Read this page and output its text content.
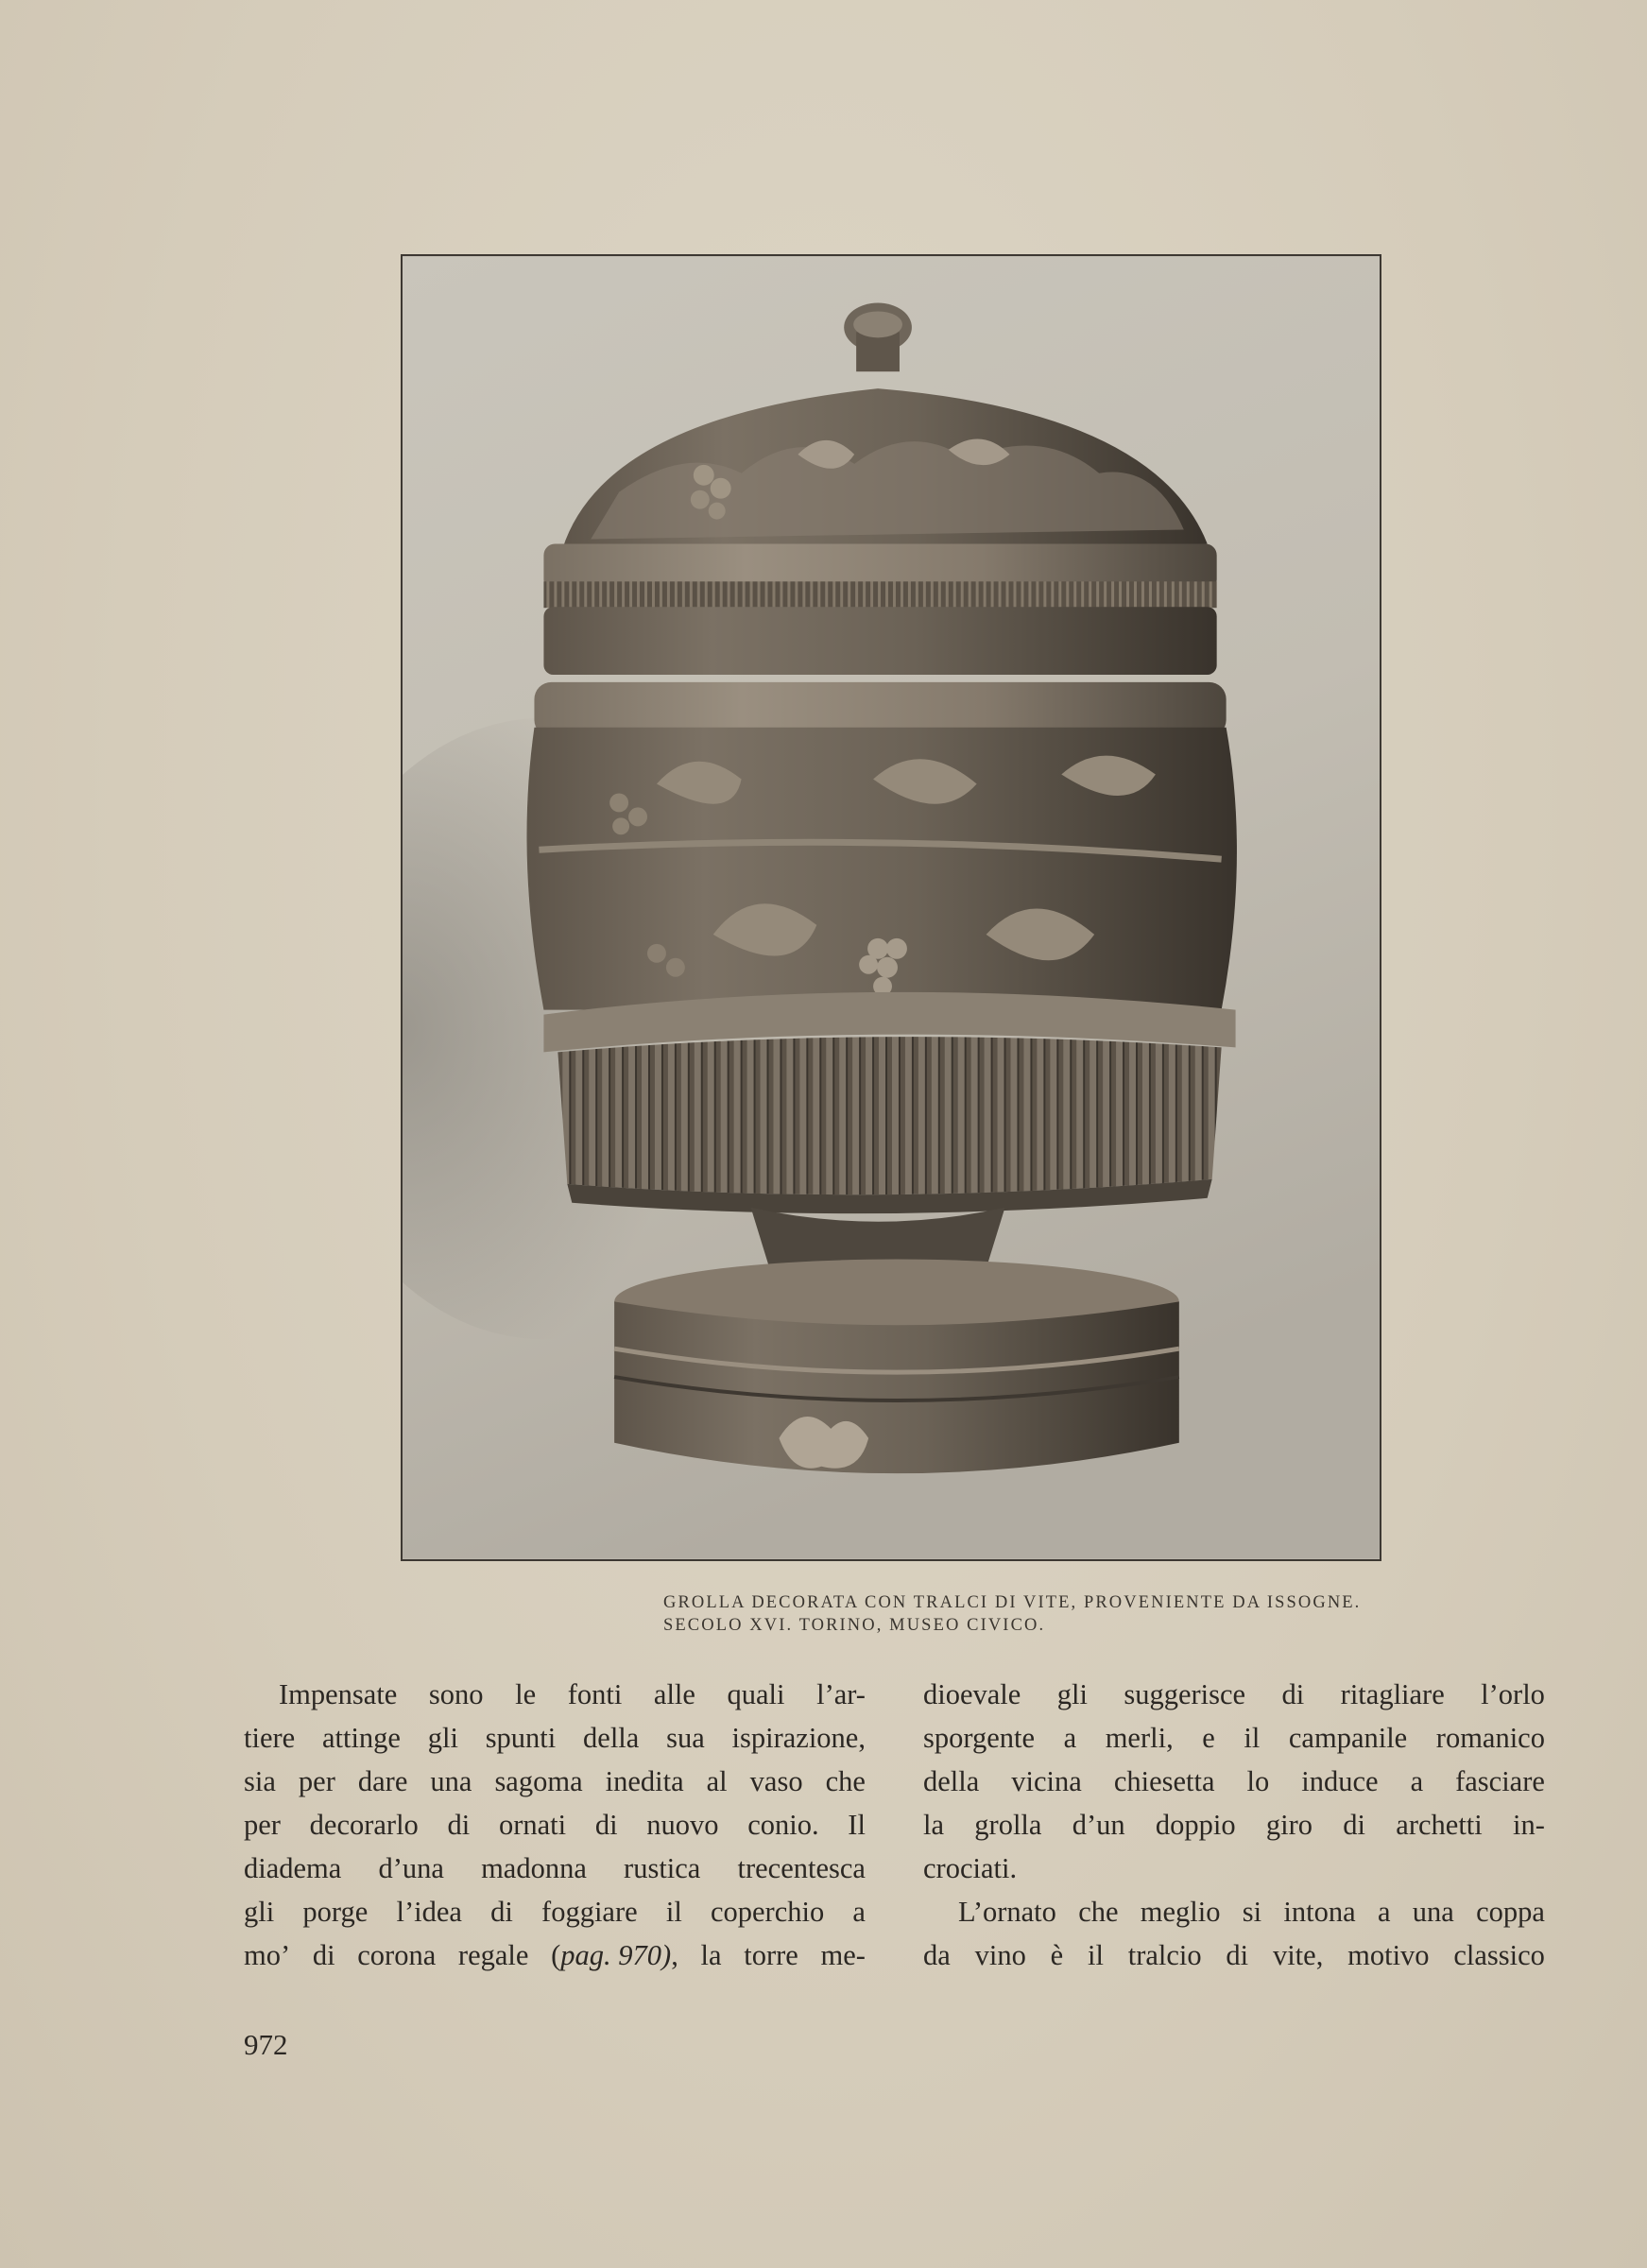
GROLLA DECORATA CON TRALCI DI VITE, PROVENIENTE DA ISSOGNE.
SECOLO XVI. TORINO, MUSEO CIVICO.
Impensate sono le fonti alle quali l’ar-
tiere attinge gli spunti della sua ispirazione,
sia per dare una sagoma inedita al vaso che
per decorarlo di ornati di nuovo conio. Il
diadema d’una madonna rustica trecentesca
gli porge l’idea di foggiare il coperchio a
mo’ di corona regale (pag. 970), la torre me-
dioevale gli suggerisce di ritagliare l’orlo
sporgente a merli, e il campanile romanico
della vicina chiesetta lo induce a fasciare
la grolla d’un doppio giro di archetti in-
crociati.
L’ornato che meglio si intona a una coppa
da vino è il tralcio di vite, motivo classico
972
